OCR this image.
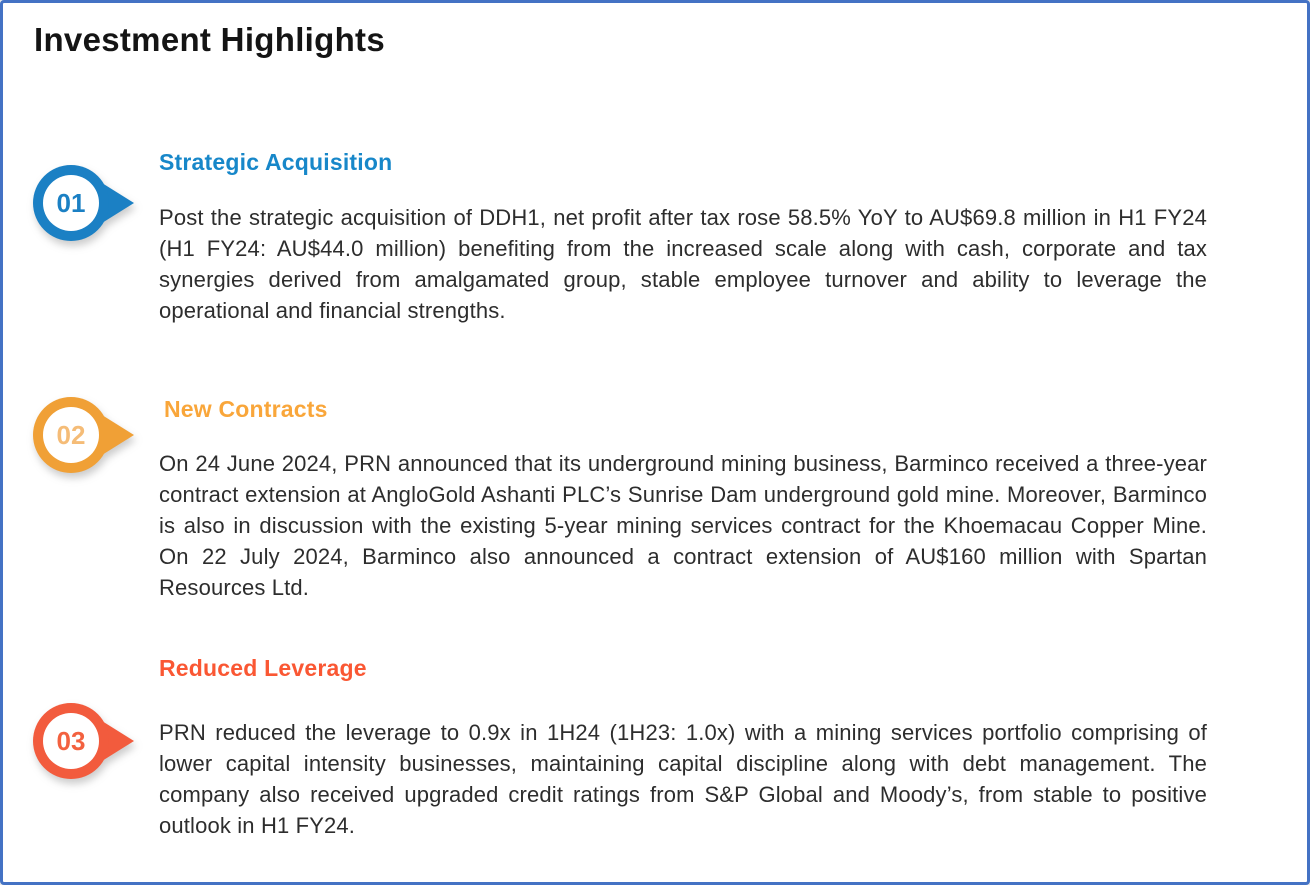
Investment Highlights
01
Strategic Acquisition

Post the strategic acquisition of DDH1, net profit after tax rose 58.5% YoY to AU$69.8 million in H1 FY24 (H1 FY24: AU$44.0 million) benefiting from the increased scale along with cash, corporate and tax synergies derived from amalgamated group, stable employee turnover and ability to leverage the operational and financial strengths.

02
New Contracts

On 24 June 2024, PRN announced that its underground mining business, Barminco received a three-year contract extension at AngloGold Ashanti PLC’s Sunrise Dam underground gold mine. Moreover, Barminco is also in discussion with the existing 5-year mining services contract for the Khoemacau Copper Mine. On 22 July 2024, Barminco also announced a contract extension of AU$160 million with Spartan Resources Ltd.

03
Reduced Leverage

PRN reduced the leverage to 0.9x in 1H24 (1H23: 1.0x) with a mining services portfolio comprising of lower capital intensity businesses, maintaining capital discipline along with debt management. The company also received upgraded credit ratings from S&P Global and Moody’s, from stable to positive outlook in H1 FY24.
